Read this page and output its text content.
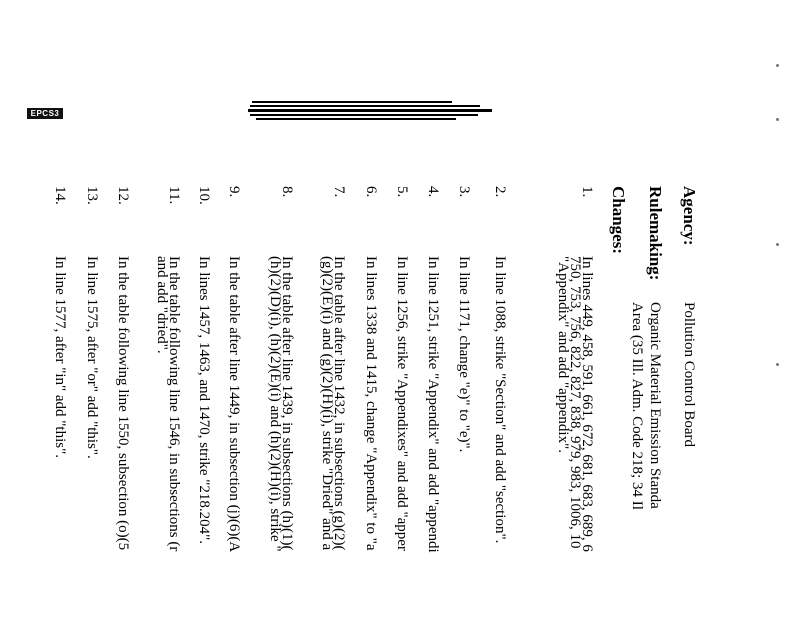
EPCS3
Agency:
Pollution Control Board
Rulemaking:
Organic Material Emission Standa
Area (35 Ill. Adm. Code 218; 34 Il
Changes:
1.
In lines 449, 458, 591, 661, 672, 681, 683, 689, 6
750, 753, 756, 822, 827, 838, 979, 983, 1006, 10
"Appendix" and add "appendix".
2.
In line 1088, strike "Section" and add "section".
3.
In line 1171, change "e)" to "e)".
4.
In line 1251, strike "Appendix" and add "appendi
5.
In line 1256, strike "Appendixes" and add "apper
6.
In lines 1338 and 1415, change "Appendix" to "a
7.
In the table after line 1432, in subsections (g)(2)(
(g)(2)(E)(i) and (g)(2)(H)(i), strike "Dried" and a
8.
In the table after line 1439, in subsections (h)(1)(
(h)(2)(D)(i), (h)(2)(E)(i) and (h)(2)(H)(i), strike "
9.
In the table after line 1449, in subsection (j)(6)(A
10.
In lines 1457, 1463, and 1470, strike "218.204".
11.
In the table following line 1546, in subsections (r
and add "dried".
12.
In the table following line 1550, subsection (o)(5
13.
In line 1575, after "or" add "this".
14.
In line 1577, after "in" add "this".
